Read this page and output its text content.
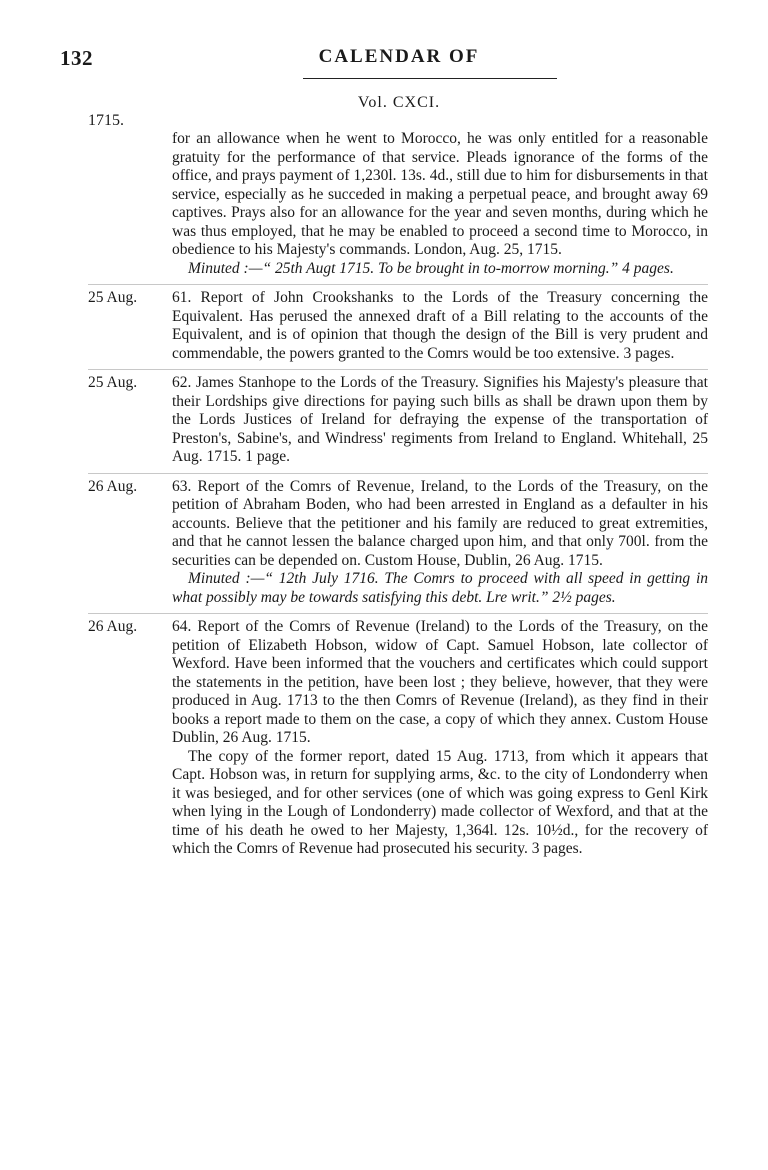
132	CALENDAR OF
Vol. CXCI.
1715.

for an allowance when he went to Morocco, he was only entitled for a reasonable gratuity for the performance of that service. Pleads ignorance of the forms of the office, and prays payment of 1,230l. 13s. 4d., still due to him for disbursements in that service, especially as he succeded in making a perpetual peace, and brought away 69 captives. Prays also for an allowance for the year and seven months, during which he was thus employed, that he may be enabled to proceed a second time to Morocco, in obedience to his Majesty's commands. London, Aug. 25, 1715.

Minuted :—“ 25th Augt 1715. To be brought in to-morrow morning.” 4 pages.

25 Aug. 61. Report of John Crookshanks to the Lords of the Treasury concerning the Equivalent. Has perused the annexed draft of a Bill relating to the accounts of the Equivalent, and is of opinion that though the design of the Bill is very prudent and commendable, the powers granted to the Comrs would be too extensive. 3 pages.

25 Aug. 62. James Stanhope to the Lords of the Treasury. Signifies his Majesty's pleasure that their Lordships give directions for paying such bills as shall be drawn upon them by the Lords Justices of Ireland for defraying the expense of the transportation of Preston's, Sabine's, and Windress' regiments from Ireland to England. Whitehall, 25 Aug. 1715. 1 page.

26 Aug. 63. Report of the Comrs of Revenue, Ireland, to the Lords of the Treasury, on the petition of Abraham Boden, who had been arrested in England as a defaulter in his accounts. Believe that the petitioner and his family are reduced to great extremities, and that he cannot lessen the balance charged upon him, and that only 700l. from the securities can be depended on. Custom House, Dublin, 26 Aug. 1715.

Minuted :—“ 12th July 1716. The Comrs to proceed with all speed in getting in what possibly may be towards satisfying this debt. Lre writ.” 2½ pages.

26 Aug. 64. Report of the Comrs of Revenue (Ireland) to the Lords of the Treasury, on the petition of Elizabeth Hobson, widow of Capt. Samuel Hobson, late collector of Wexford. Have been informed that the vouchers and certificates which could support the statements in the petition, have been lost ; they believe, however, that they were produced in Aug. 1713 to the then Comrs of Revenue (Ireland), as they find in their books a report made to them on the case, a copy of which they annex. Custom House Dublin, 26 Aug. 1715.

The copy of the former report, dated 15 Aug. 1713, from which it appears that Capt. Hobson was, in return for supplying arms, &c. to the city of Londonderry when it was besieged, and for other services (one of which was going express to Genl Kirk when lying in the Lough of Londonderry) made collector of Wexford, and that at the time of his death he owed to her Majesty, 1,364l. 12s. 10½d., for the recovery of which the Comrs of Revenue had prosecuted his security. 3 pages.
